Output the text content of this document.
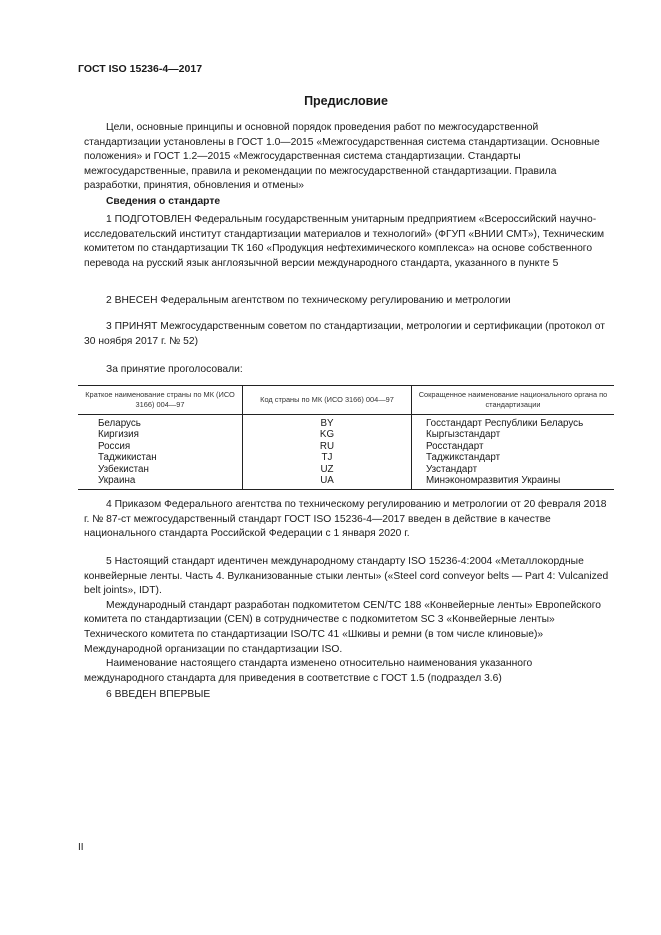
ГОСТ ISO 15236-4—2017
Предисловие

Цели, основные принципы и основной порядок проведения работ по межгосударственной стандартизации установлены в ГОСТ 1.0—2015 «Межгосударственная система стандартизации. Основные положения» и ГОСТ 1.2—2015 «Межгосударственная система стандартизации. Стандарты межгосударственные, правила и рекомендации по межгосударственной стандартизации. Правила разработки, принятия, обновления и отмены»

Сведения о стандарте

1 ПОДГОТОВЛЕН Федеральным государственным унитарным предприятием «Всероссийский научно-исследовательский институт стандартизации материалов и технологий» (ФГУП «ВНИИ СМТ»), Техническим комитетом по стандартизации ТК 160 «Продукция нефтехимического комплекса» на основе собственного перевода на русский язык англоязычной версии международного стандарта, указанного в пункте 5

2 ВНЕСЕН Федеральным агентством по техническому регулированию и метрологии

3 ПРИНЯТ Межгосударственным советом по стандартизации, метрологии и сертификации (протокол от 30 ноября 2017 г. № 52)

За принятие проголосовали:

Краткое наименование страны по МК (ИСО 3166) 004—97	Код страны по МК (ИСО 3166) 004—97	Сокращенное наименование национального органа по стандартизации
Беларусь	BY	Госстандарт Республики Беларусь
Киргизия	KG	Кыргызстандарт
Россия	RU	Росстандарт
Таджикистан	TJ	Таджикстандарт
Узбекистан	UZ	Узстандарт
Украина	UA	Минэкономразвития Украины

4 Приказом Федерального агентства по техническому регулированию и метрологии от 20 февраля 2018 г. № 87-ст межгосударственный стандарт ГОСТ ISO 15236-4—2017 введен в действие в качестве национального стандарта Российской Федерации с 1 января 2020 г.

5 Настоящий стандарт идентичен международному стандарту ISO 15236-4:2004 «Металлокордные конвейерные ленты. Часть 4. Вулканизованные стыки ленты» («Steel cord conveyor belts — Part 4: Vulcanized belt joints», IDT).

Международный стандарт разработан подкомитетом CEN/TC 188 «Конвейерные ленты» Европейского комитета по стандартизации (CEN) в сотрудничестве с подкомитетом SC 3 «Конвейерные ленты» Технического комитета по стандартизации ISO/TC 41 «Шкивы и ремни (в том числе клиновые)» Международной организации по стандартизации ISO.

Наименование настоящего стандарта изменено относительно наименования указанного международного стандарта для приведения в соответствие с ГОСТ 1.5 (подраздел 3.6)

6 ВВЕДЕН ВПЕРВЫЕ

II
